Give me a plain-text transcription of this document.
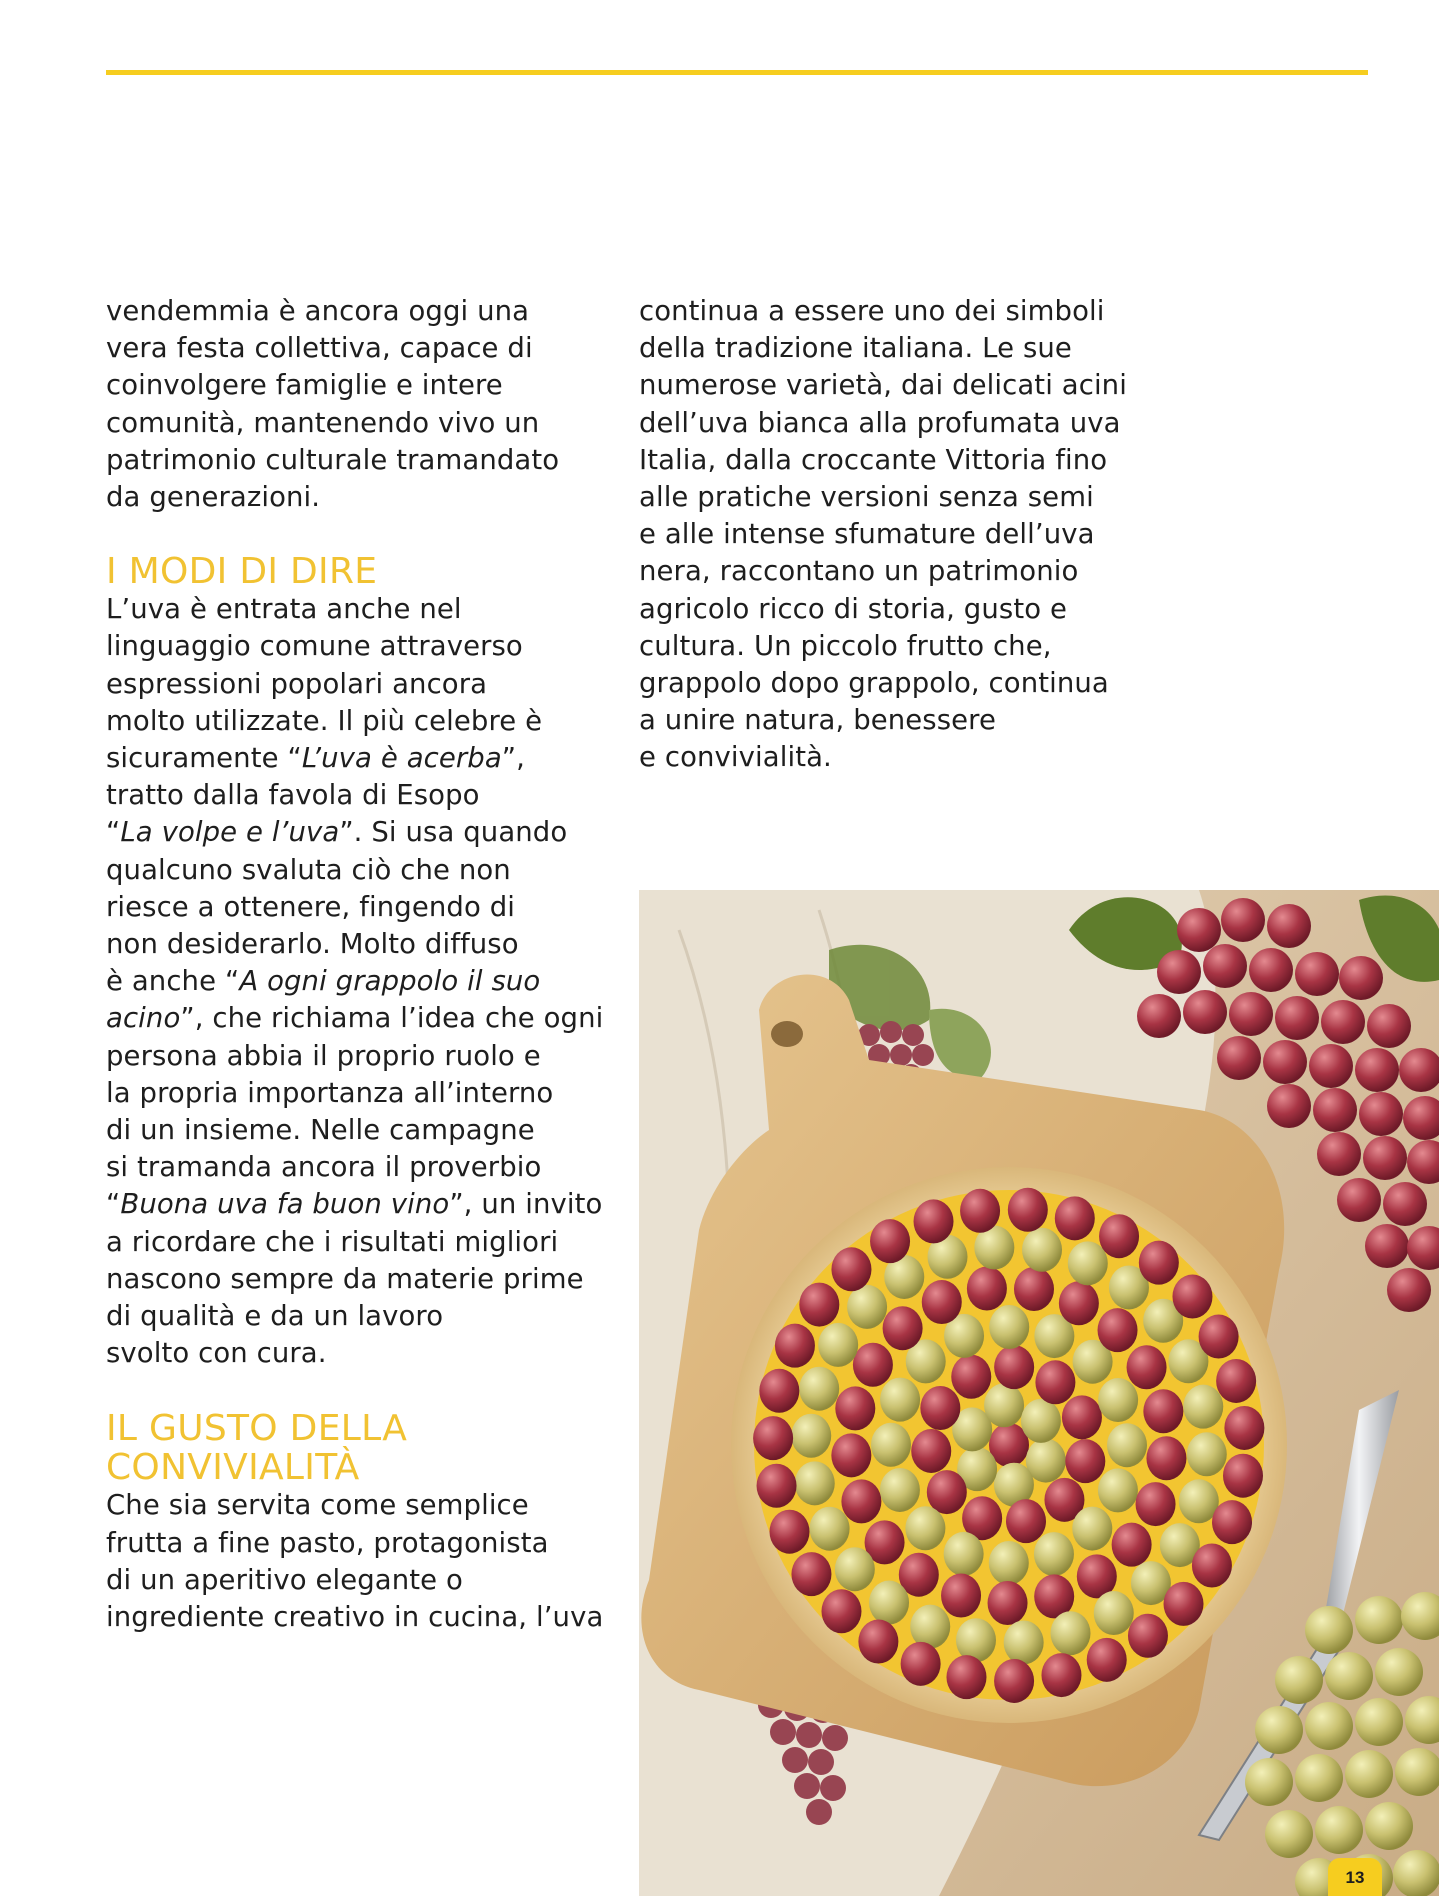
vendemmia è ancora oggi una
vera festa collettiva, capace di
coinvolgere famiglie e intere
comunità, mantenendo vivo un
patrimonio culturale tramandato
da generazioni.

I MODI DI DIRE

L’uva è entrata anche nel
linguaggio comune attraverso
espressioni popolari ancora
molto utilizzate. Il più celebre è
sicuramente “L’uva è acerba”,
tratto dalla favola di Esopo
“La volpe e l’uva”. Si usa quando
qualcuno svaluta ciò che non
riesce a ottenere, fingendo di
non desiderarlo. Molto diffuso
è anche “A ogni grappolo il suo
acino”, che richiama l’idea che ogni
persona abbia il proprio ruolo e
la propria importanza all’interno
di un insieme. Nelle campagne
si tramanda ancora il proverbio
“Buona uva fa buon vino”, un invito
a ricordare che i risultati migliori
nascono sempre da materie prime
di qualità e da un lavoro
svolto con cura.

IL GUSTO DELLA
CONVIVIALITÀ

Che sia servita come semplice
frutta a fine pasto, protagonista
di un aperitivo elegante o
ingrediente creativo in cucina, l’uva

continua a essere uno dei simboli
della tradizione italiana. Le sue
numerose varietà, dai delicati acini
dell’uva bianca alla profumata uva
Italia, dalla croccante Vittoria fino
alle pratiche versioni senza semi
e alle intense sfumature dell’uva
nera, raccontano un patrimonio
agricolo ricco di storia, gusto e
cultura. Un piccolo frutto che,
grappolo dopo grappolo, continua
a unire natura, benessere
e convivialità.

13
